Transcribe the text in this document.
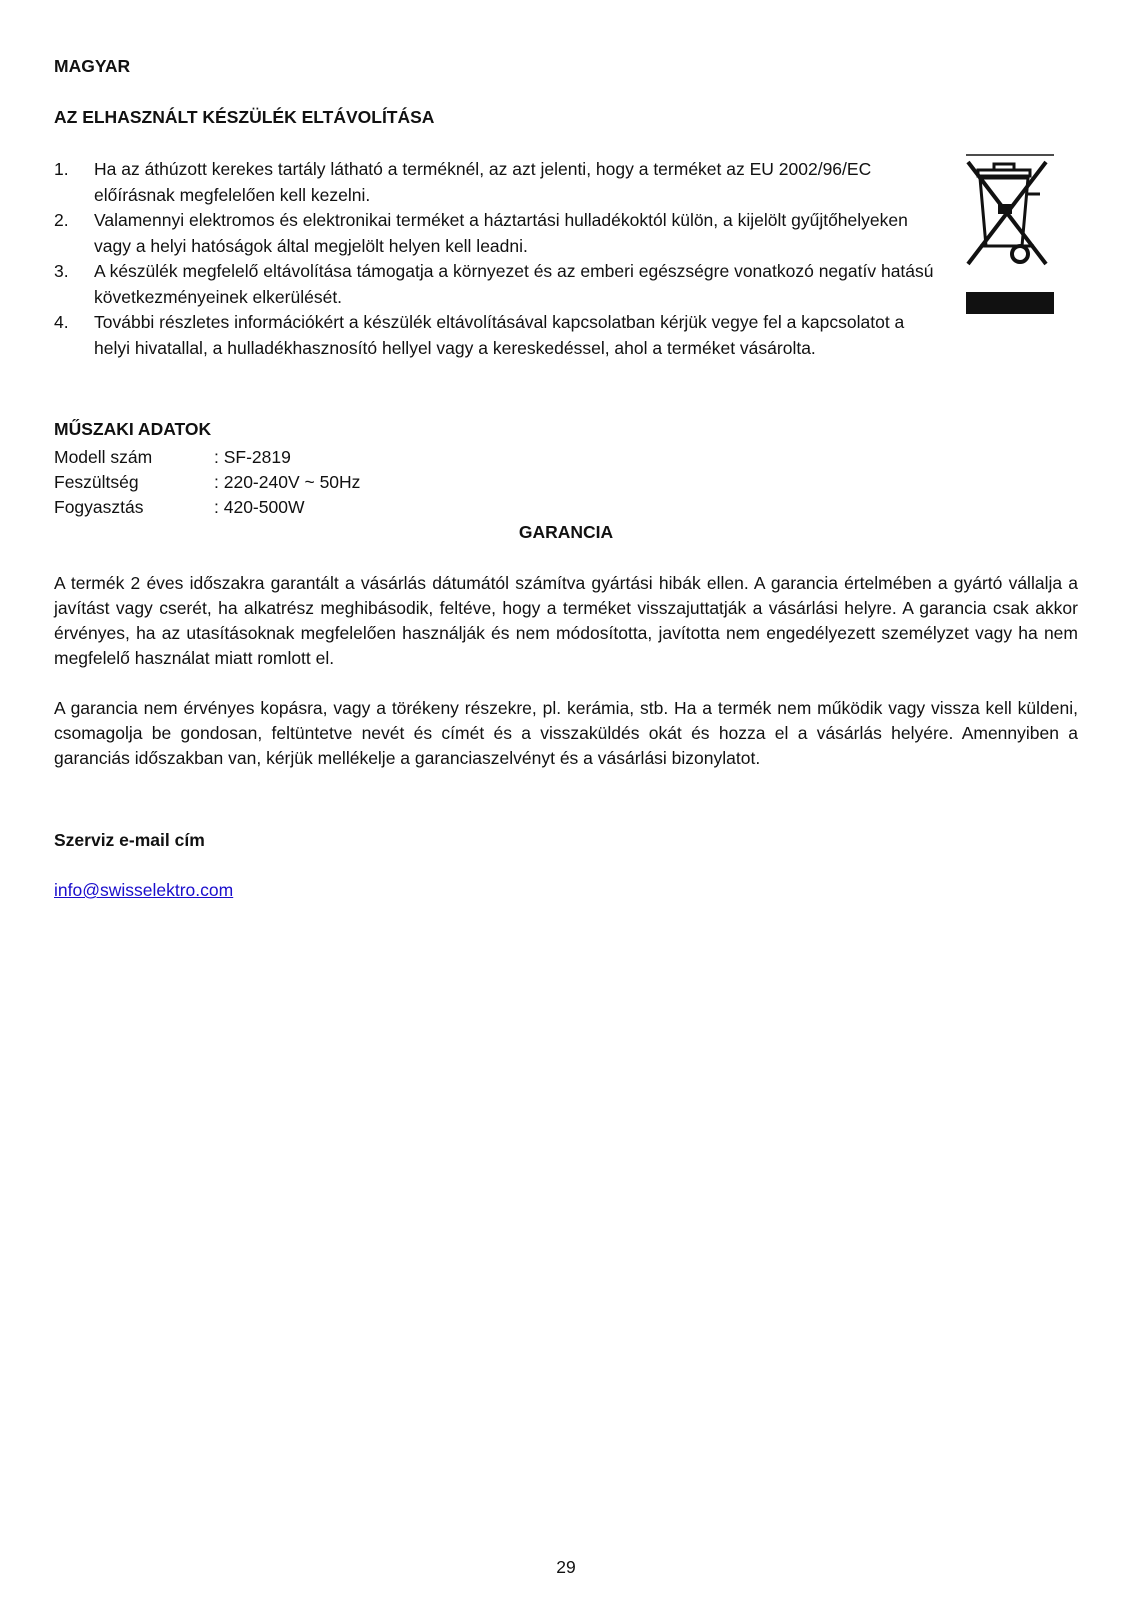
MAGYAR
AZ ELHASZNÁLT KÉSZÜLÉK ELTÁVOLÍTÁSA
1. Ha az áthúzott kerekes tartály látható a terméknél, az azt jelenti, hogy a terméket az EU 2002/96/EC előírásnak megfelelően kell kezelni.
2. Valamennyi elektromos és elektronikai terméket a háztartási hulladékoktól külön, a kijelölt gyűjtőhelyeken vagy a helyi hatóságok által megjelölt helyen kell leadni.
3. A készülék megfelelő eltávolítása támogatja a környezet és az emberi egészségre vonatkozó negatív hatású következményeinek elkerülését.
4. További részletes információkért a készülék eltávolításával kapcsolatban kérjük vegye fel a kapcsolatot a helyi hivatallal, a hulladékhasznosító hellyel vagy a kereskedéssel, ahol a terméket vásárolta.
MŰSZAKI ADATOK
Modell szám	: SF-2819
Feszültség	: 220-240V ~ 50Hz
Fogyasztás	: 420-500W
GARANCIA
A termék 2 éves időszakra garantált a vásárlás dátumától számítva gyártási hibák ellen. A garancia értelmében a gyártó vállalja a javítást vagy cserét, ha alkatrész meghibásodik, feltéve, hogy a terméket visszajuttatják a vásárlási helyre. A garancia csak akkor érvényes, ha az utasításoknak megfelelően használják és nem módosította, javította nem engedélyezett személyzet vagy ha nem megfelelő használat miatt romlott el.
A garancia nem érvényes kopásra, vagy a törékeny részekre, pl. kerámia, stb. Ha a termék nem működik vagy vissza kell küldeni, csomagolja be gondosan, feltüntetve nevét és címét és a visszaküldés okát és hozza el a vásárlás helyére. Amennyiben a garanciás időszakban van, kérjük mellékelje a garanciaszelvényt és a vásárlási bizonylatot.
Szerviz e-mail cím
info@swisselektro.com
29
